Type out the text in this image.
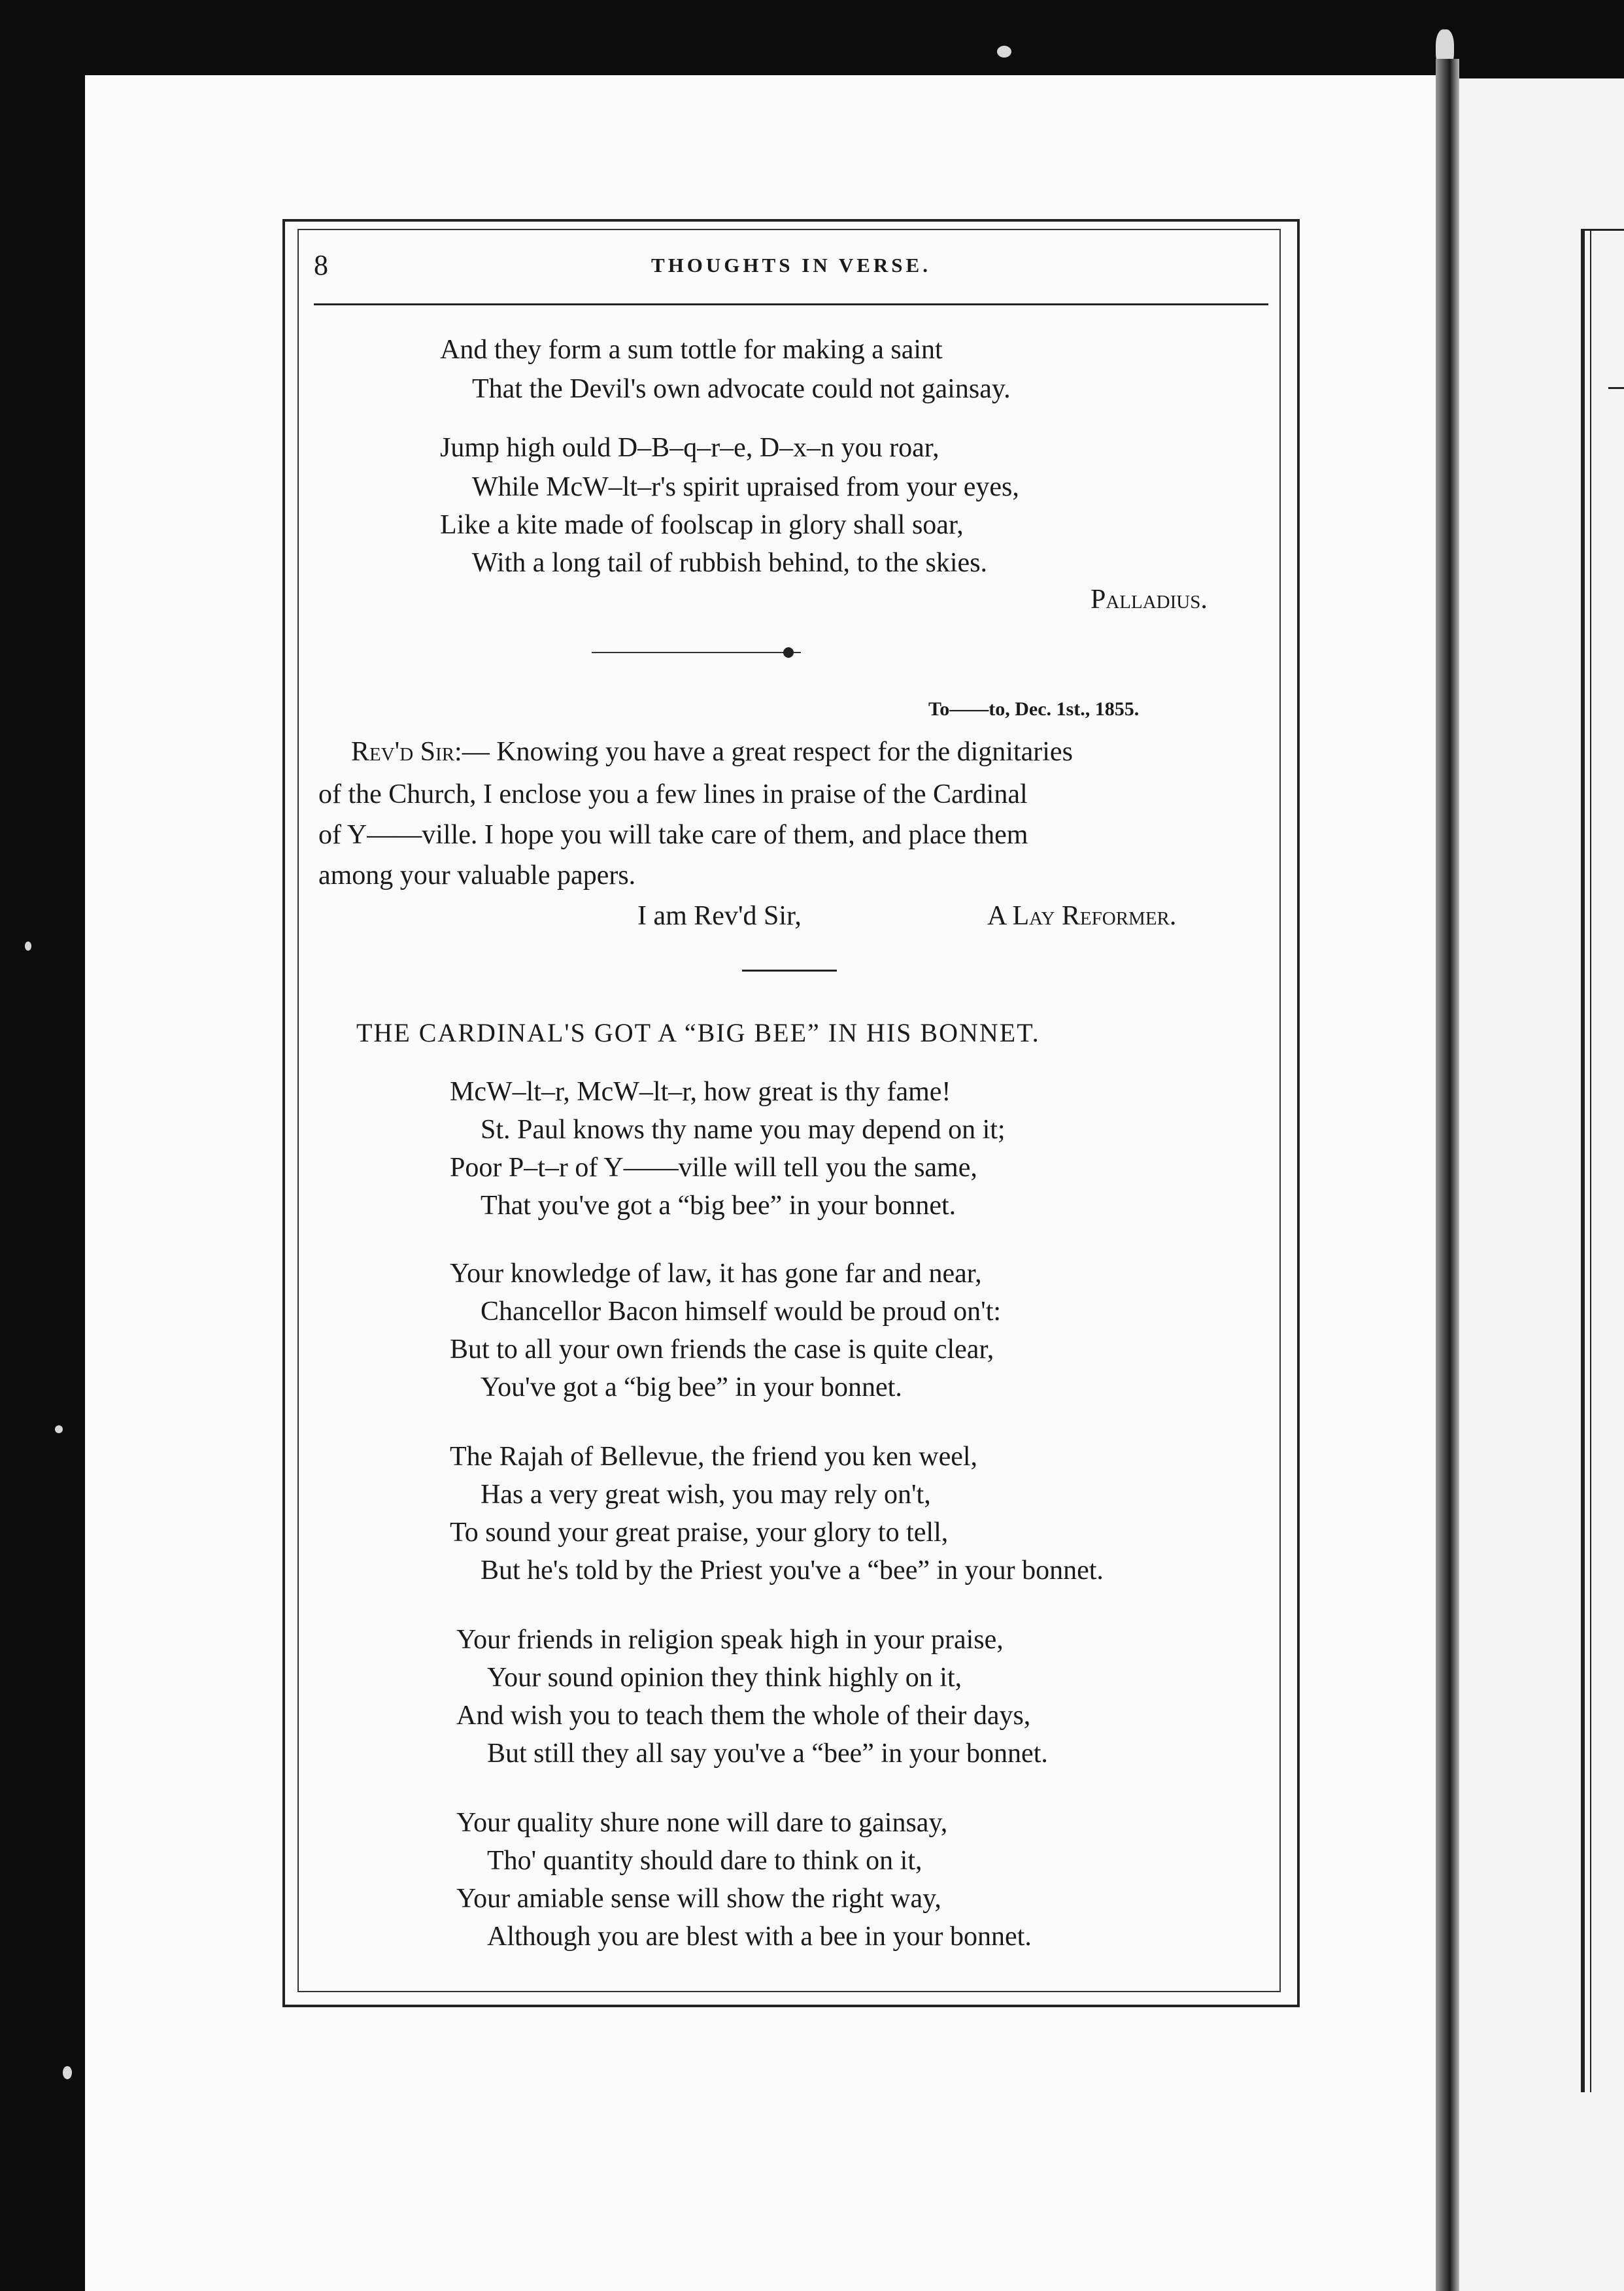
8	THOUGHTS IN VERSE.
And they form a sum tottle for making a saint
That the Devil's own advocate could not gainsay.
Jump high ould D–B–q–r–e, D–x–n you roar,
While McW–lt–r's spirit upraised from your eyes,
Like a kite made of foolscap in glory shall soar,
With a long tail of rubbish behind, to the skies.
Palladius.
To——to, Dec. 1st., 1855.
Rev'd Sir:— Knowing you have a great respect for the dignitaries
of the Church, I enclose you a few lines in praise of the Cardinal
of Y——ville. I hope you will take care of them, and place them
among your valuable papers.
I am Rev'd Sir,	A Lay Reformer.
THE CARDINAL'S GOT A “BIG BEE” IN HIS BONNET.
McW–lt–r, McW–lt–r, how great is thy fame!
St. Paul knows thy name you may depend on it;
Poor P–t–r of Y——ville will tell you the same,
That you've got a “big bee” in your bonnet.
Your knowledge of law, it has gone far and near,
Chancellor Bacon himself would be proud on't:
But to all your own friends the case is quite clear,
You've got a “big bee” in your bonnet.
The Rajah of Bellevue, the friend you ken weel,
Has a very great wish, you may rely on't,
To sound your great praise, your glory to tell,
But he's told by the Priest you've a “bee” in your bonnet.
Your friends in religion speak high in your praise,
Your sound opinion they think highly on it,
And wish you to teach them the whole of their days,
But still they all say you've a “bee” in your bonnet.
Your quality shure none will dare to gainsay,
Tho' quantity should dare to think on it,
Your amiable sense will show the right way,
Although you are blest with a bee in your bonnet.
